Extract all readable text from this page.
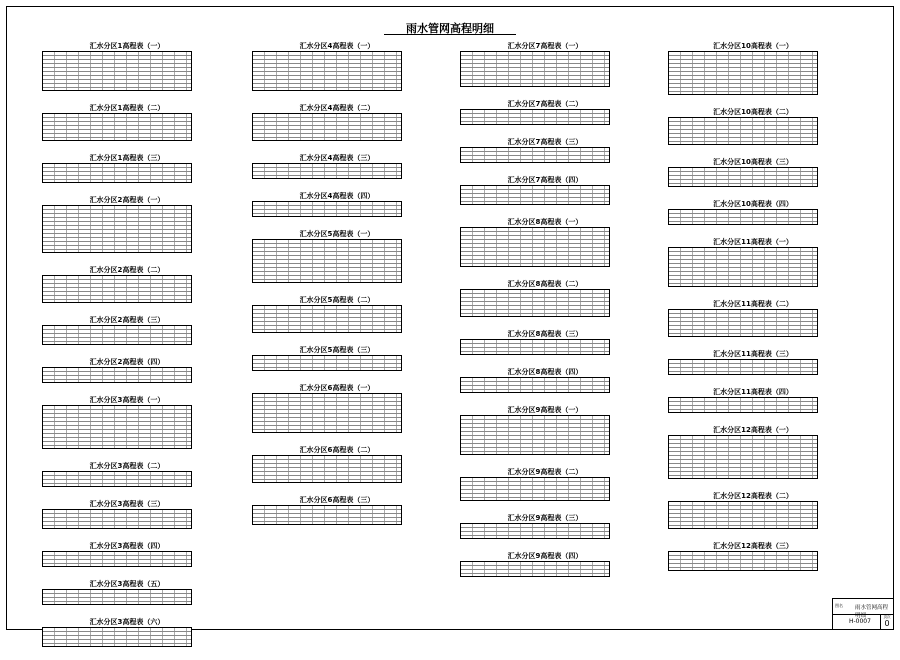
雨水管网高程明细
汇水分区1高程表（一）
汇水分区1高程表（二）
汇水分区1高程表（三）
汇水分区2高程表（一）
汇水分区2高程表（二）
汇水分区2高程表（三）
汇水分区2高程表（四）
汇水分区3高程表（一）
汇水分区3高程表（二）
汇水分区3高程表（三）
汇水分区3高程表（四）
汇水分区3高程表（五）
汇水分区3高程表（六）
汇水分区4高程表（一）
汇水分区4高程表（二）
汇水分区4高程表（三）
汇水分区4高程表（四）
汇水分区5高程表（一）
汇水分区5高程表（二）
汇水分区5高程表（三）
汇水分区6高程表（一）
汇水分区6高程表（二）
汇水分区6高程表（三）
汇水分区7高程表（一）
汇水分区7高程表（二）
汇水分区7高程表（三）
汇水分区7高程表（四）
汇水分区8高程表（一）
汇水分区8高程表（二）
汇水分区8高程表（三）
汇水分区8高程表（四）
汇水分区9高程表（一）
汇水分区9高程表（二）
汇水分区9高程表（三）
汇水分区9高程表（四）
汇水分区10高程表（一）
汇水分区10高程表（二）
汇水分区10高程表（三）
汇水分区10高程表（四）
汇水分区11高程表（一）
汇水分区11高程表（二）
汇水分区11高程表（三）
汇水分区11高程表（四）
汇水分区12高程表（一）
汇水分区12高程表（二）
汇水分区12高程表（三）
图名 雨水管网高程明细
H-0007
页次
0
